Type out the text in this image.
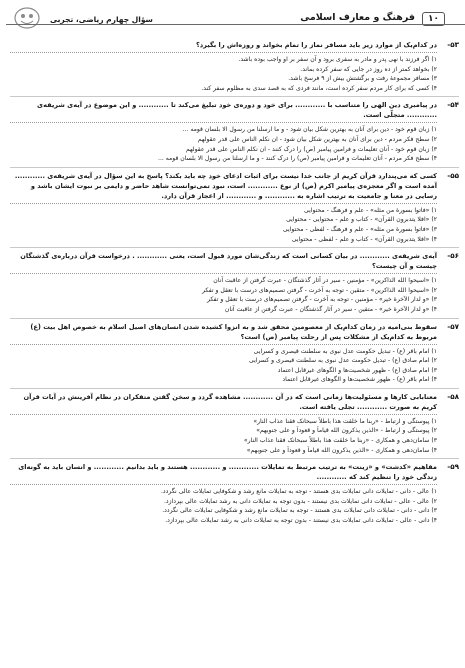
سؤال چهارم ریاضی، تجربی	۱۰
فرهنگ و معارف اسلامی
۵۳-
در کدام‌یک از موارد زیر باید مسافر نماز را تمام بخواند و روزه‌اش را بگیرد؟
۱) اگر فرزند با نهی پدر و مادر به سفری برود و آن سفر بر او واجب بوده باشد.
۲) بخواهد کمتر از ده روز در جایی که سفر کرده بماند.
۳) مسافر مجموعهٔ رفت و برگشتش بیش از ۹ فرسخ باشد.
۴) کسی که برای کار مردم سفر کرده است، مانند فردی که به قصد سدی به مظلوم سفر کند.
۵۴-
در پیامبری دین الهی را متناسب با ............ برای خود و دوره‌ی خود تبلیغ می‌کند تا ............ و این موضوع در آیه‌ی شریفه‌ی ............ متجلّی است.
۱) زبان قوم خود - دین برای آنان به بهترین شکل بیان شود - و ما ارسلنا من رسول الا بلسان قومه ...
۲) سطح فکر مردم - دین برای آنان به بهترین شکل بیان شود - ان نکلم الناس علی قدر عقولهم
۳) زبان قوم خود - آنان تعلیمات و فرامین پیامبر (ص) را درک کنند - ان نکلم الناس علی قدر عقولهم
۴) سطح فکر مردم - آنان تعلیمات و فرامین پیامبر (ص) را درک کنند - و ما ارسلنا من رسول الا بلسان قومه ...
۵۵-
کسی که می‌پندارد قرآن کریم از جانب خدا نیست برای اثبات ادعای خود چه باید بکند؟ پاسخ به این سؤال در آیه‌ی شریفه‌ی ............ آمده است و اگر معجزه‌ی پیامبر اکرم (ص) از نوع ............ است، نبود تمی‌توانست شاهد حاضر و دایمی بر نبوت ایشان باشد و رسایی در معنا و جامعیت به ترتیب اشاره به ............ و ............ از اعجاز قرآن دارد.
۱) «فاتوا بسورة من مثله» - علم و فرهنگ - محتوایی
۲) «افلا یتدبرون القرآن» - کتاب و علم - محتوایی - محتوایی
۳) «فاتوا بسورة من مثله» - علم و فرهنگ - لفظی - محتوایی
۴) «افلا یتدبرون القرآن» - کتاب و علم - لفظی - محتوایی
۵۶-
آیه‌ی شریفه‌ی ............ در بیان کسانی است که زندگی‌شان مورد قبول است، یعنی ............ . درخواست قرآن درباره‌ی گذشتگان چیست و آن چیست؟
۱) «اسیحوا الله الذاکرین» - مؤمنین - سیر در آثار گذشتگان - عبرت گرفتن از عاقبت آنان
۲) «اسیحوا الله الذاکرین» - متقین - توجه به آخرت - گرفتن تصمیم‌های درست با تعقل و تفکر
۳) «و لدار الآخرة خیر» - مؤمنین - توجه به آخرت - گرفتن تصمیم‌های درست با تعقل و تفکر
۴) «و لدار الآخرة خیر» - متقین - سیر در آثار گذشتگان - عبرت گرفتن از عاقبت آنان
۵۷-
سقوط بنی‌امیه در زمان کدام‌یک از معصومین محقق شد و به انزوا کشیده شدن انسان‌های اصیل اسلام به خصوص اهل بیت (ع) مربوط به کدام‌یک از مشکلات پس از رحلت پیامبر (ص) است؟
۱) امام باقر (ع) - تبدیل حکومت عدل نبوی به سلطنت قیصری و کسرایی
۲) امام صادق (ع) - تبدیل حکومت عدل نبوی به سلطنت قیصری و کسرایی
۳) امام صادق (ع) - ظهور شخصیت‌ها و الگوهای غیرقابل اعتماد
۴) امام باقر (ع) - ظهور شخصیت‌ها و الگوهای غیرقابل اعتماد
۵۸-
معنابابی کارها و مسئولیت‌ها زمانی است که در آن ............ مشاهده گردد و سخن گفتن متفکران در نظام آفرینش در آیات قرآن کریم به صورت ............ تجلی یافته است.
۱) پیوستگی و ارتباط - «ربنا ما خلقت هذا باطلاً سبحانک فقنا عذاب النار»
۲) پیوستگی و ارتباط - «الذین یذکرون الله قیاماً و قعوداً و علی جنوبهم»
۳) سامان‌دهی و همکاری - «ربنا ما خلقت هذا باطلاً سبحانک فقنا عذاب النار»
۴) سامان‌دهی و همکاری - «الذین یذکرون الله قیاماً و قعوداً و علی جنوبهم»
۵۹-
مفاهیم «کدشت» و «زینت» به ترتیب مرتبط به تمایلات ............ و ............ هستند و باید بدانیم ............ و انسان باید به گونه‌ای زندگی خود را تنظیم کند که ............
۱) عالی - دانی - تمایلات دانی تمایلات بدی هستند - توجه به تمایلات مانع رشد و شکوفایی تمایلات عالی نگردد.
۲) عالی - عالی - تمایلات دانی تمایلات بدی نیستند - بدون توجه به تمایلات دانی به رشد تمایلات عالی بپردازد.
۳) دانی - دانی - تمایلات دانی تمایلات بدی هستند - توجه به تمایلات مانع رشد و شکوفایی تمایلات عالی نگردد.
۴) دانی - عالی - تمایلات دانی تمایلات بدی نیستند - بدون توجه به تمایلات دانی به رشد تمایلات عالی بپردازد.
